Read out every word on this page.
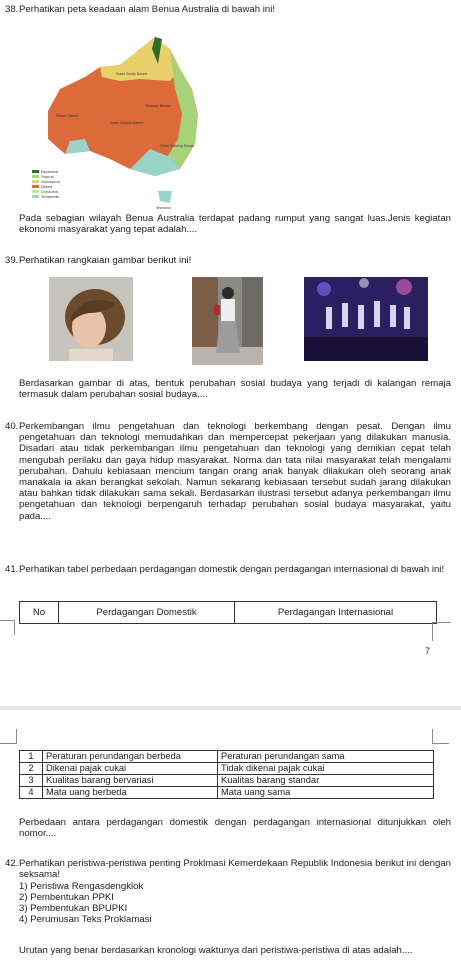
38. Perhatikan peta keadaan alam Benua Australia di bawah ini!
Great Sandy Desert
Gibson Desert
Great Victoria Desert
Simpson Desert
Great Dividing Range
Tasmania
Equatorial
Tropical
Subtropical
Desert
Grassland
Temperate
Pada sebagian wilayah Benua Australia terdapat padang rumput yang sangat luas.Jenis kegiatan ekonomi masyarakat yang tepat adalah....
39. Perhatikan rangkaian gambar berikut ini!
Berdasarkan gambar di atas, bentuk perubahan sosial budaya yang terjadi di kalangan remaja termasuk dalam perubahan sosial budaya....
40. Perkembangan ilmu pengetahuan dan teknologi berkembang dengan pesat. Dengan ilmu pengetahuan dan teknologi memudahkan dan mempercepat pekerjaan yang dilakukan manusia. Disadari atau tidak perkembangan ilmu pengetahuan dan teknologi yang demikian cepat telah mengubah perilaku dan gaya hidup masyarakat. Norma dan tata nilai masyarakat telah mengalami perubahan. Dahulu kebiasaan mencium tangan orang anak banyak dilakukan oleh seorang anak manakala ia akan berangkat sekolah. Namun sekarang kebiasaan tersebut sudah jarang dilakukan atau bahkan tidak dilakukan sama sekali. Berdasarkan ilustrasi tersebut adanya perkembangan ilmu pengetahuan dan teknologi berpengaruh terhadap perubahan sosial budaya masyarakat, yaitu pada....
41. Perhatikan tabel perbedaan perdagangan domestik dengan perdagangan internasional di bawah ini!
No	Perdagangan Domestik	Perdagangan Internasional
7
1	Peraturan perundangan berbeda	Peraturan perundangan sama
2	Dikenai pajak cukai	Tidak dikenai pajak cukai
3	Kualitas barang bervariasi	Kualitas barang standar
4	Mata uang berbeda	Mata uang sama
Perbedaan antara perdagangan domestik dengan perdagangan internasional ditunjukkan oleh nomor....
42. Perhatikan peristiwa-peristiwa penting Proklmasi Kemerdekaan Republik Indonesia berikut ini dengan seksama!
1) Peristiwa Rengasdengklok
2) Pembentukan PPKI
3) Pembentukan BPUPKI
4) Perumusan Teks Proklamasi
Urutan yang benar berdasarkan kronologi waktunya dari peristiwa-peristiwa di atas adalah....
